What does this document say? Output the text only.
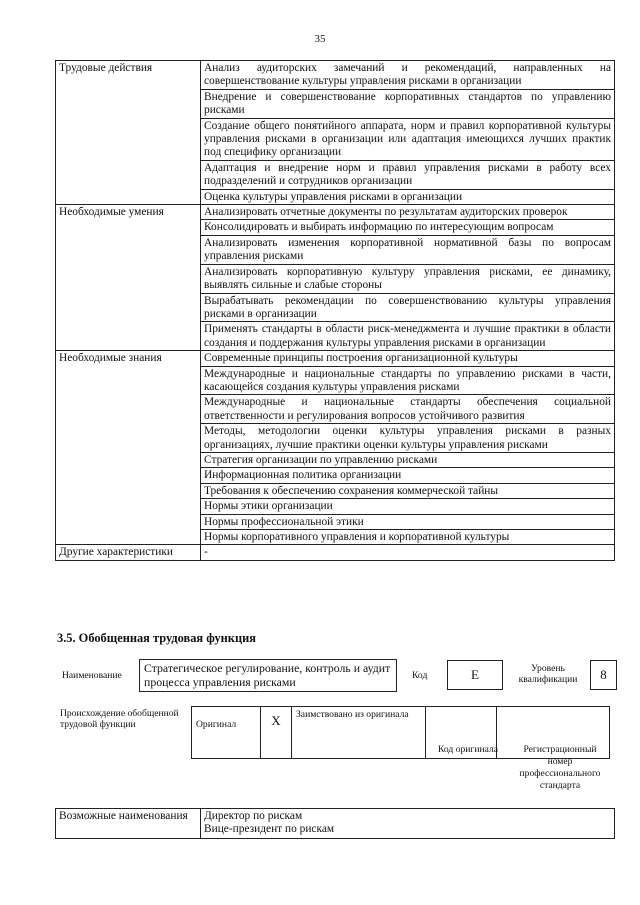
35
Трудовые действия	Анализ аудиторских замечаний и рекомендаций, направленных на совершенствование культуры управления рисками в организации
	Внедрение и совершенствование корпоративных стандартов по управлению рисками
	Создание общего понятийного аппарата, норм и правил корпоративной культуры управления рисками в организации или адаптация имеющихся лучших практик под специфику организации
	Адаптация и внедрение норм и правил управления рисками в работу всех подразделений и сотрудников организации
	Оценка культуры управления рисками в организации
Необходимые умения	Анализировать отчетные документы по результатам аудиторских проверок
	Консолидировать и выбирать информацию по интересующим вопросам
	Анализировать изменения корпоративной нормативной базы по вопросам управления рисками
	Анализировать корпоративную культуру управления рисками, ее динамику, выявлять сильные и слабые стороны
	Вырабатывать рекомендации по совершенствованию культуры управления рисками в организации
	Применять стандарты в области риск-менеджмента и лучшие практики в области создания и поддержания культуры управления рисками в организации
Необходимые знания	Современные принципы построения организационной культуры
	Международные и национальные стандарты по управлению рисками в части, касающейся создания культуры управления рисками
	Международные и национальные стандарты обеспечения социальной ответственности и регулирования вопросов устойчивого развития
	Методы, методологии оценки культуры управления рисками в разных организациях, лучшие практики оценки культуры управления рисками
	Стратегия организации по управлению рисками
	Информационная политика организации
	Требования к обеспечению сохранения коммерческой тайны
	Нормы этики организации
	Нормы профессиональной этики
	Нормы корпоративного управления и корпоративной культуры
Другие характеристики	-
3.5. Обобщенная трудовая функция
Наименование
Стратегическое регулирование, контроль и аудит процесса управления рисками	Код	E	Уровень квалификации	8
Происхождение обобщенной трудовой функции	Оригинал	X	Заимствовано из оригинала		
Код оригинала	Регистрационный номер профессионального стандарта
Возможные наименования	Директор по рискам
Вице-президент по рискам
